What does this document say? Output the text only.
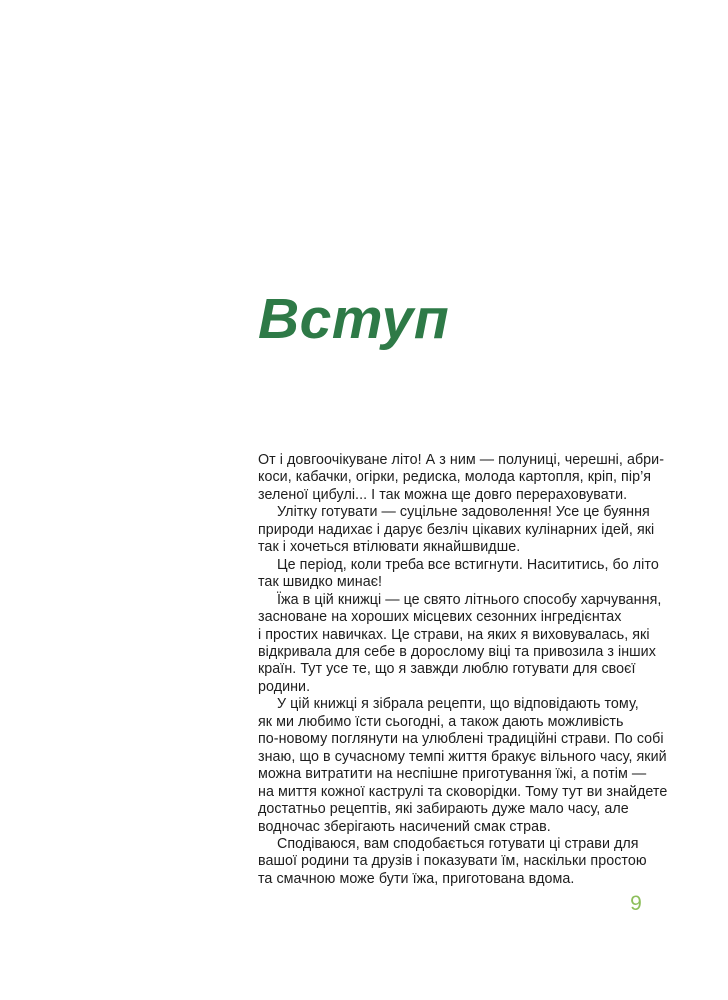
Вступ
От і довгоочікуване літо! А з ним — полуниці, черешні, абри-
коси, кабачки, огірки, редиска, молода картопля, кріп, пір’я
зеленої цибулі... І так можна ще довго перераховувати.
Улітку готувати — суцільне задоволення! Усе це буяння
природи надихає і дарує безліч цікавих кулінарних ідей, які
так і хочеться втілювати якнайшвидше.
Це період, коли треба все встигнути. Насититись, бо літо
так швидко минає!
Їжа в цій книжці — це свято літнього способу харчування,
засноване на хороших місцевих сезонних інгредієнтах
і простих навичках. Це страви, на яких я виховувалась, які
відкривала для себе в дорослому віці та привозила з інших
країн. Тут усе те, що я завжди люблю готувати для своєї
родини.
У цій книжці я зібрала рецепти, що відповідають тому,
як ми любимо їсти сьогодні, а також дають можливість
по-новому поглянути на улюблені традиційні страви. По собі
знаю, що в сучасному темпі життя бракує вільного часу, який
можна витратити на неспішне приготування їжі, а потім —
на миття кожної каструлі та сковорідки. Тому тут ви знайдете
достатньо рецептів, які забирають дуже мало часу, але
водночас зберігають насичений смак страв.
Сподіваюся, вам сподобається готувати ці страви для
вашої родини та друзів і показувати їм, наскільки простою
та смачною може бути їжа, приготована вдома.
9
